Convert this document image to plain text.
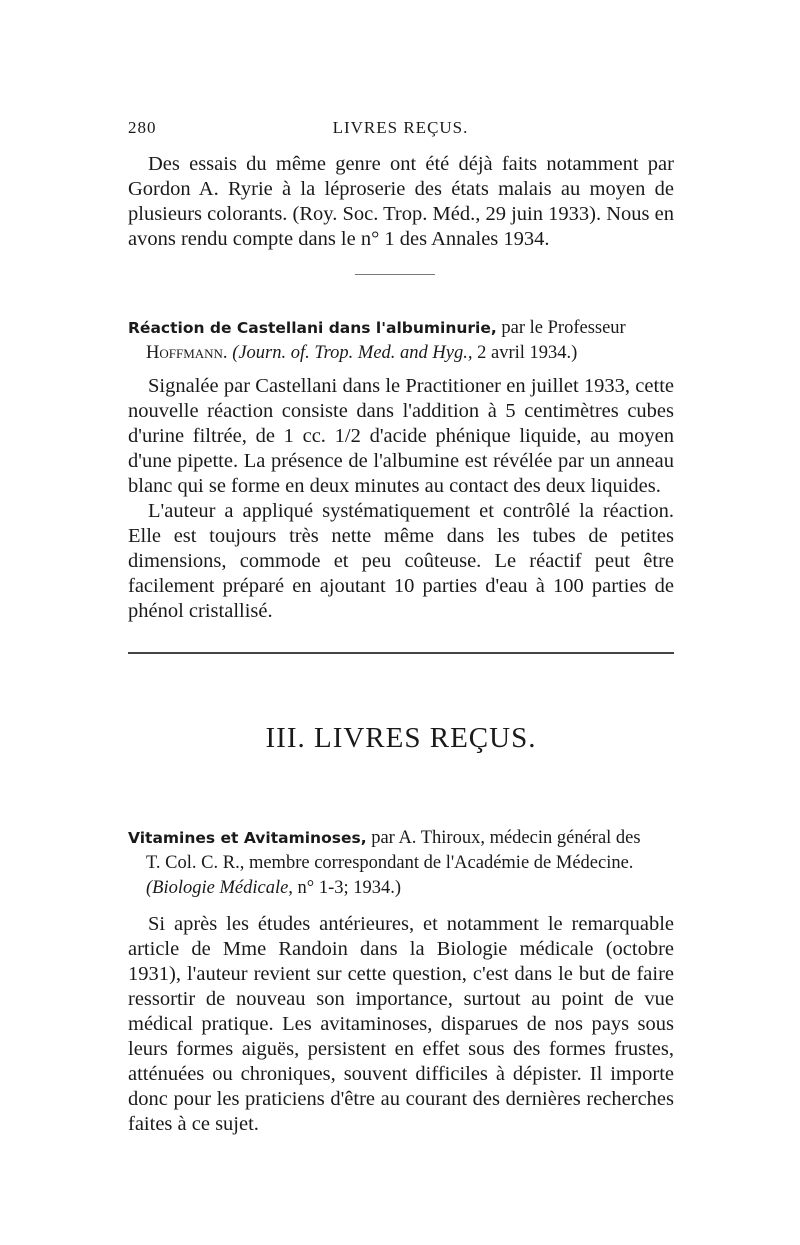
280	LIVRES REÇUS.

Des essais du même genre ont été déjà faits notamment par Gordon A. Ryrie à la léproserie des états malais au moyen de plusieurs colorants. (Roy. Soc. Trop. Méd., 29 juin 1933). Nous en avons rendu compte dans le n° 1 des Annales 1934.

Réaction de Castellani dans l'albuminurie, par le Professeur
Hoffmann. (Journ. of. Trop. Med. and Hyg., 2 avril 1934.)

Signalée par Castellani dans le Practitioner en juillet 1933, cette nouvelle réaction consiste dans l'addition à 5 centimètres cubes d'urine filtrée, de 1 cc. 1/2 d'acide phénique liquide, au moyen d'une pipette. La présence de l'albumine est révélée par un anneau blanc qui se forme en deux minutes au contact des deux liquides.

L'auteur a appliqué systématiquement et contrôlé la réaction. Elle est toujours très nette même dans les tubes de petites dimensions, commode et peu coûteuse. Le réactif peut être facilement préparé en ajoutant 10 parties d'eau à 100 parties de phénol cristallisé.

III. LIVRES REÇUS.
Vitamines et Avitaminoses, par A. Thiroux, médecin général des
T. Col. C. R., membre correspondant de l'Académie de Médecine.
(Biologie Médicale, n° 1-3; 1934.)

Si après les études antérieures, et notamment le remarquable article de Mme Randoin dans la Biologie médicale (octobre 1931), l'auteur revient sur cette question, c'est dans le but de faire ressortir de nouveau son importance, surtout au point de vue médical pratique. Les avitaminoses, disparues de nos pays sous leurs formes aiguës, persistent en effet sous des formes frustes, atténuées ou chroniques, souvent difficiles à dépister. Il importe donc pour les praticiens d'être au courant des dernières recherches faites à ce sujet.
